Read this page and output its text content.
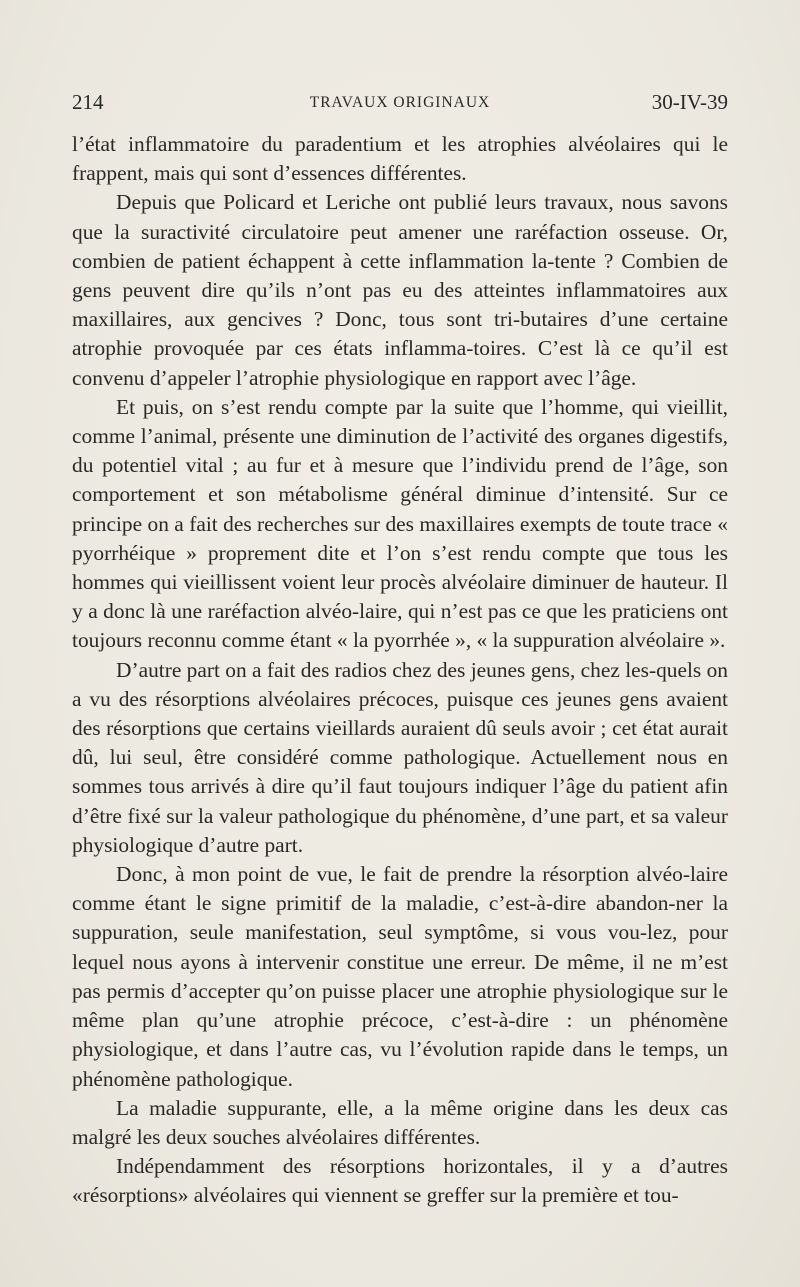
214	TRAVAUX ORIGINAUX	30-IV-39

l’état inflammatoire du paradentium et les atrophies alvéolaires qui le frappent, mais qui sont d’essences différentes.

Depuis que Policard et Leriche ont publié leurs travaux, nous savons que la suractivité circulatoire peut amener une raréfaction osseuse. Or, combien de patient échappent à cette inflammation la-tente ? Combien de gens peuvent dire qu’ils n’ont pas eu des atteintes inflammatoires aux maxillaires, aux gencives ? Donc, tous sont tri-butaires d’une certaine atrophie provoquée par ces états inflamma-toires. C’est là ce qu’il est convenu d’appeler l’atrophie physiologique en rapport avec l’âge.

Et puis, on s’est rendu compte par la suite que l’homme, qui vieillit, comme l’animal, présente une diminution de l’activité des organes digestifs, du potentiel vital ; au fur et à mesure que l’individu prend de l’âge, son comportement et son métabolisme général diminue d’intensité. Sur ce principe on a fait des recherches sur des maxillaires exempts de toute trace « pyorrhéique » proprement dite et l’on s’est rendu compte que tous les hommes qui vieillissent voient leur procès alvéolaire diminuer de hauteur. Il y a donc là une raréfaction alvéo-laire, qui n’est pas ce que les praticiens ont toujours reconnu comme étant « la pyorrhée », « la suppuration alvéolaire ».

D’autre part on a fait des radios chez des jeunes gens, chez les-quels on a vu des résorptions alvéolaires précoces, puisque ces jeunes gens avaient des résorptions que certains vieillards auraient dû seuls avoir ; cet état aurait dû, lui seul, être considéré comme pathologique. Actuellement nous en sommes tous arrivés à dire qu’il faut toujours indiquer l’âge du patient afin d’être fixé sur la valeur pathologique du phénomène, d’une part, et sa valeur physiologique d’autre part.

Donc, à mon point de vue, le fait de prendre la résorption alvéo-laire comme étant le signe primitif de la maladie, c’est-à-dire abandon-ner la suppuration, seule manifestation, seul symptôme, si vous vou-lez, pour lequel nous ayons à intervenir constitue une erreur. De même, il ne m’est pas permis d’accepter qu’on puisse placer une atrophie physiologique sur le même plan qu’une atrophie précoce, c’est-à-dire : un phénomène physiologique, et dans l’autre cas, vu l’évolution rapide dans le temps, un phénomène pathologique.

La maladie suppurante, elle, a la même origine dans les deux cas malgré les deux souches alvéolaires différentes.

Indépendamment des résorptions horizontales, il y a d’autres «résorptions» alvéolaires qui viennent se greffer sur la première et tou-
